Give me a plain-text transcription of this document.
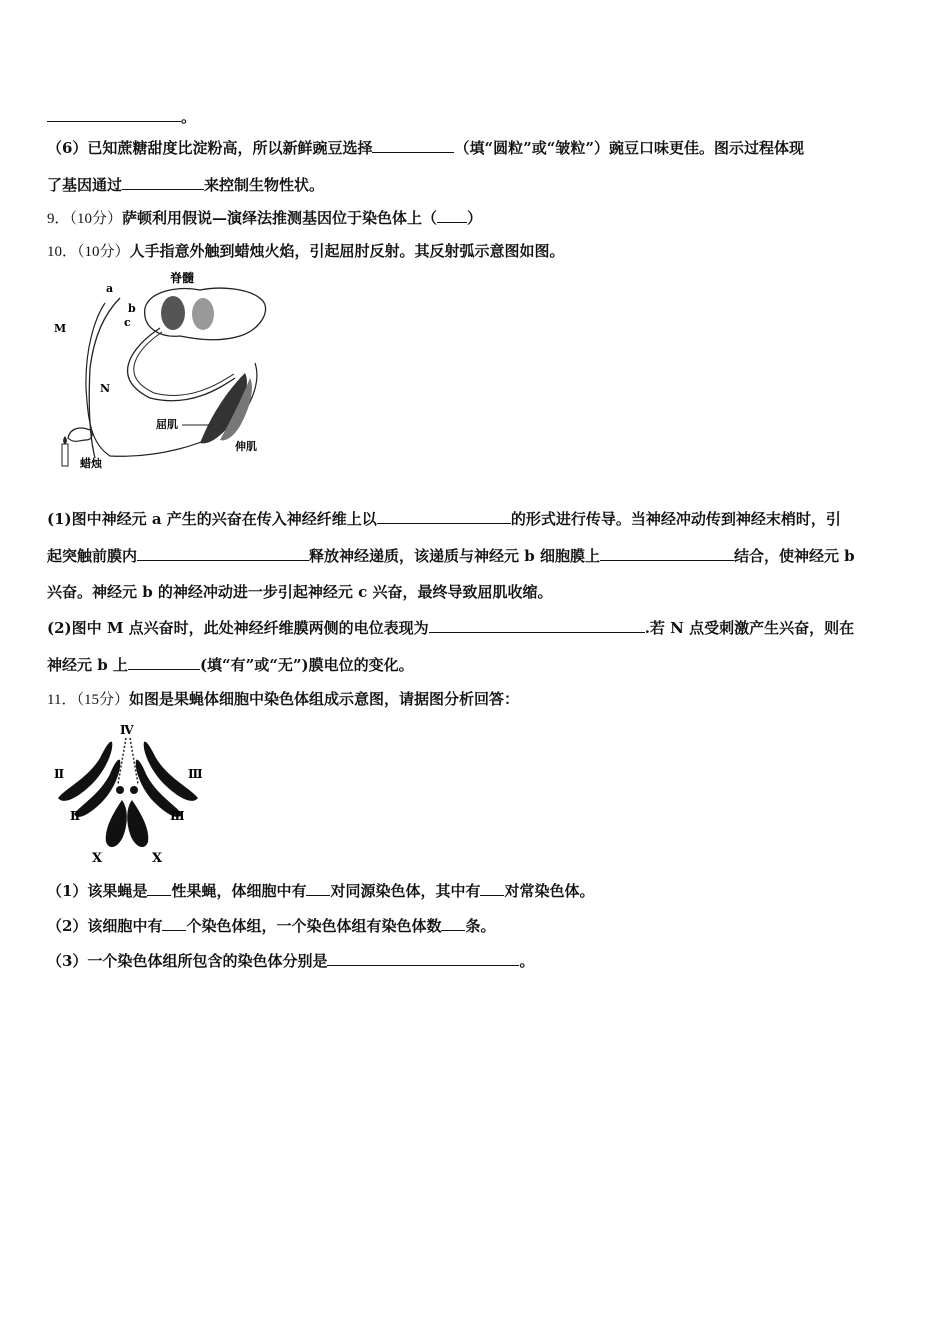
。
（6）已知蔗糖甜度比淀粉高，所以新鲜豌豆选择	（填“圆粒”或“皱粒”）豌豆口味更佳。图示过程体现
了基因通过	来控制生物性状。
9．（10分）萨顿利用假说—演绎法推测基因位于染色体上（ ）
10．（10分）人手指意外触到蜡烛火焰，引起屈肘反射。其反射弧示意图如图。
脊髓
a
b
c
M
N
屈肌
伸肌
蜡烛
(1)图中神经元 a 产生的兴奋在传入神经纤维上以	的形式进行传导。当神经冲动传到神经末梢时，引
起突触前膜内	释放神经递质，该递质与神经元 b 细胞膜上	结合，使神经元 b
兴奋。神经元 b 的神经冲动进一步引起神经元 c 兴奋，最终导致屈肌收缩。
(2)图中 M 点兴奋时，此处神经纤维膜两侧的电位表现为	.若 N 点受刺激产生兴奋，则在
神经元 b 上	(填“有”或“无”)膜电位的变化。
11．（15分）如图是果蝇体细胞中染色体组成示意图，请据图分析回答：
Ⅳ
Ⅱ	Ⅲ
Ⅱ	Ⅲ
X	X
（1）该果蝇是 性果蝇，体细胞中有 对同源染色体，其中有 对常染色体。
（2）该细胞中有 个染色体组，一个染色体组有染色体数 条。
（3）一个染色体组所包含的染色体分别是	。
